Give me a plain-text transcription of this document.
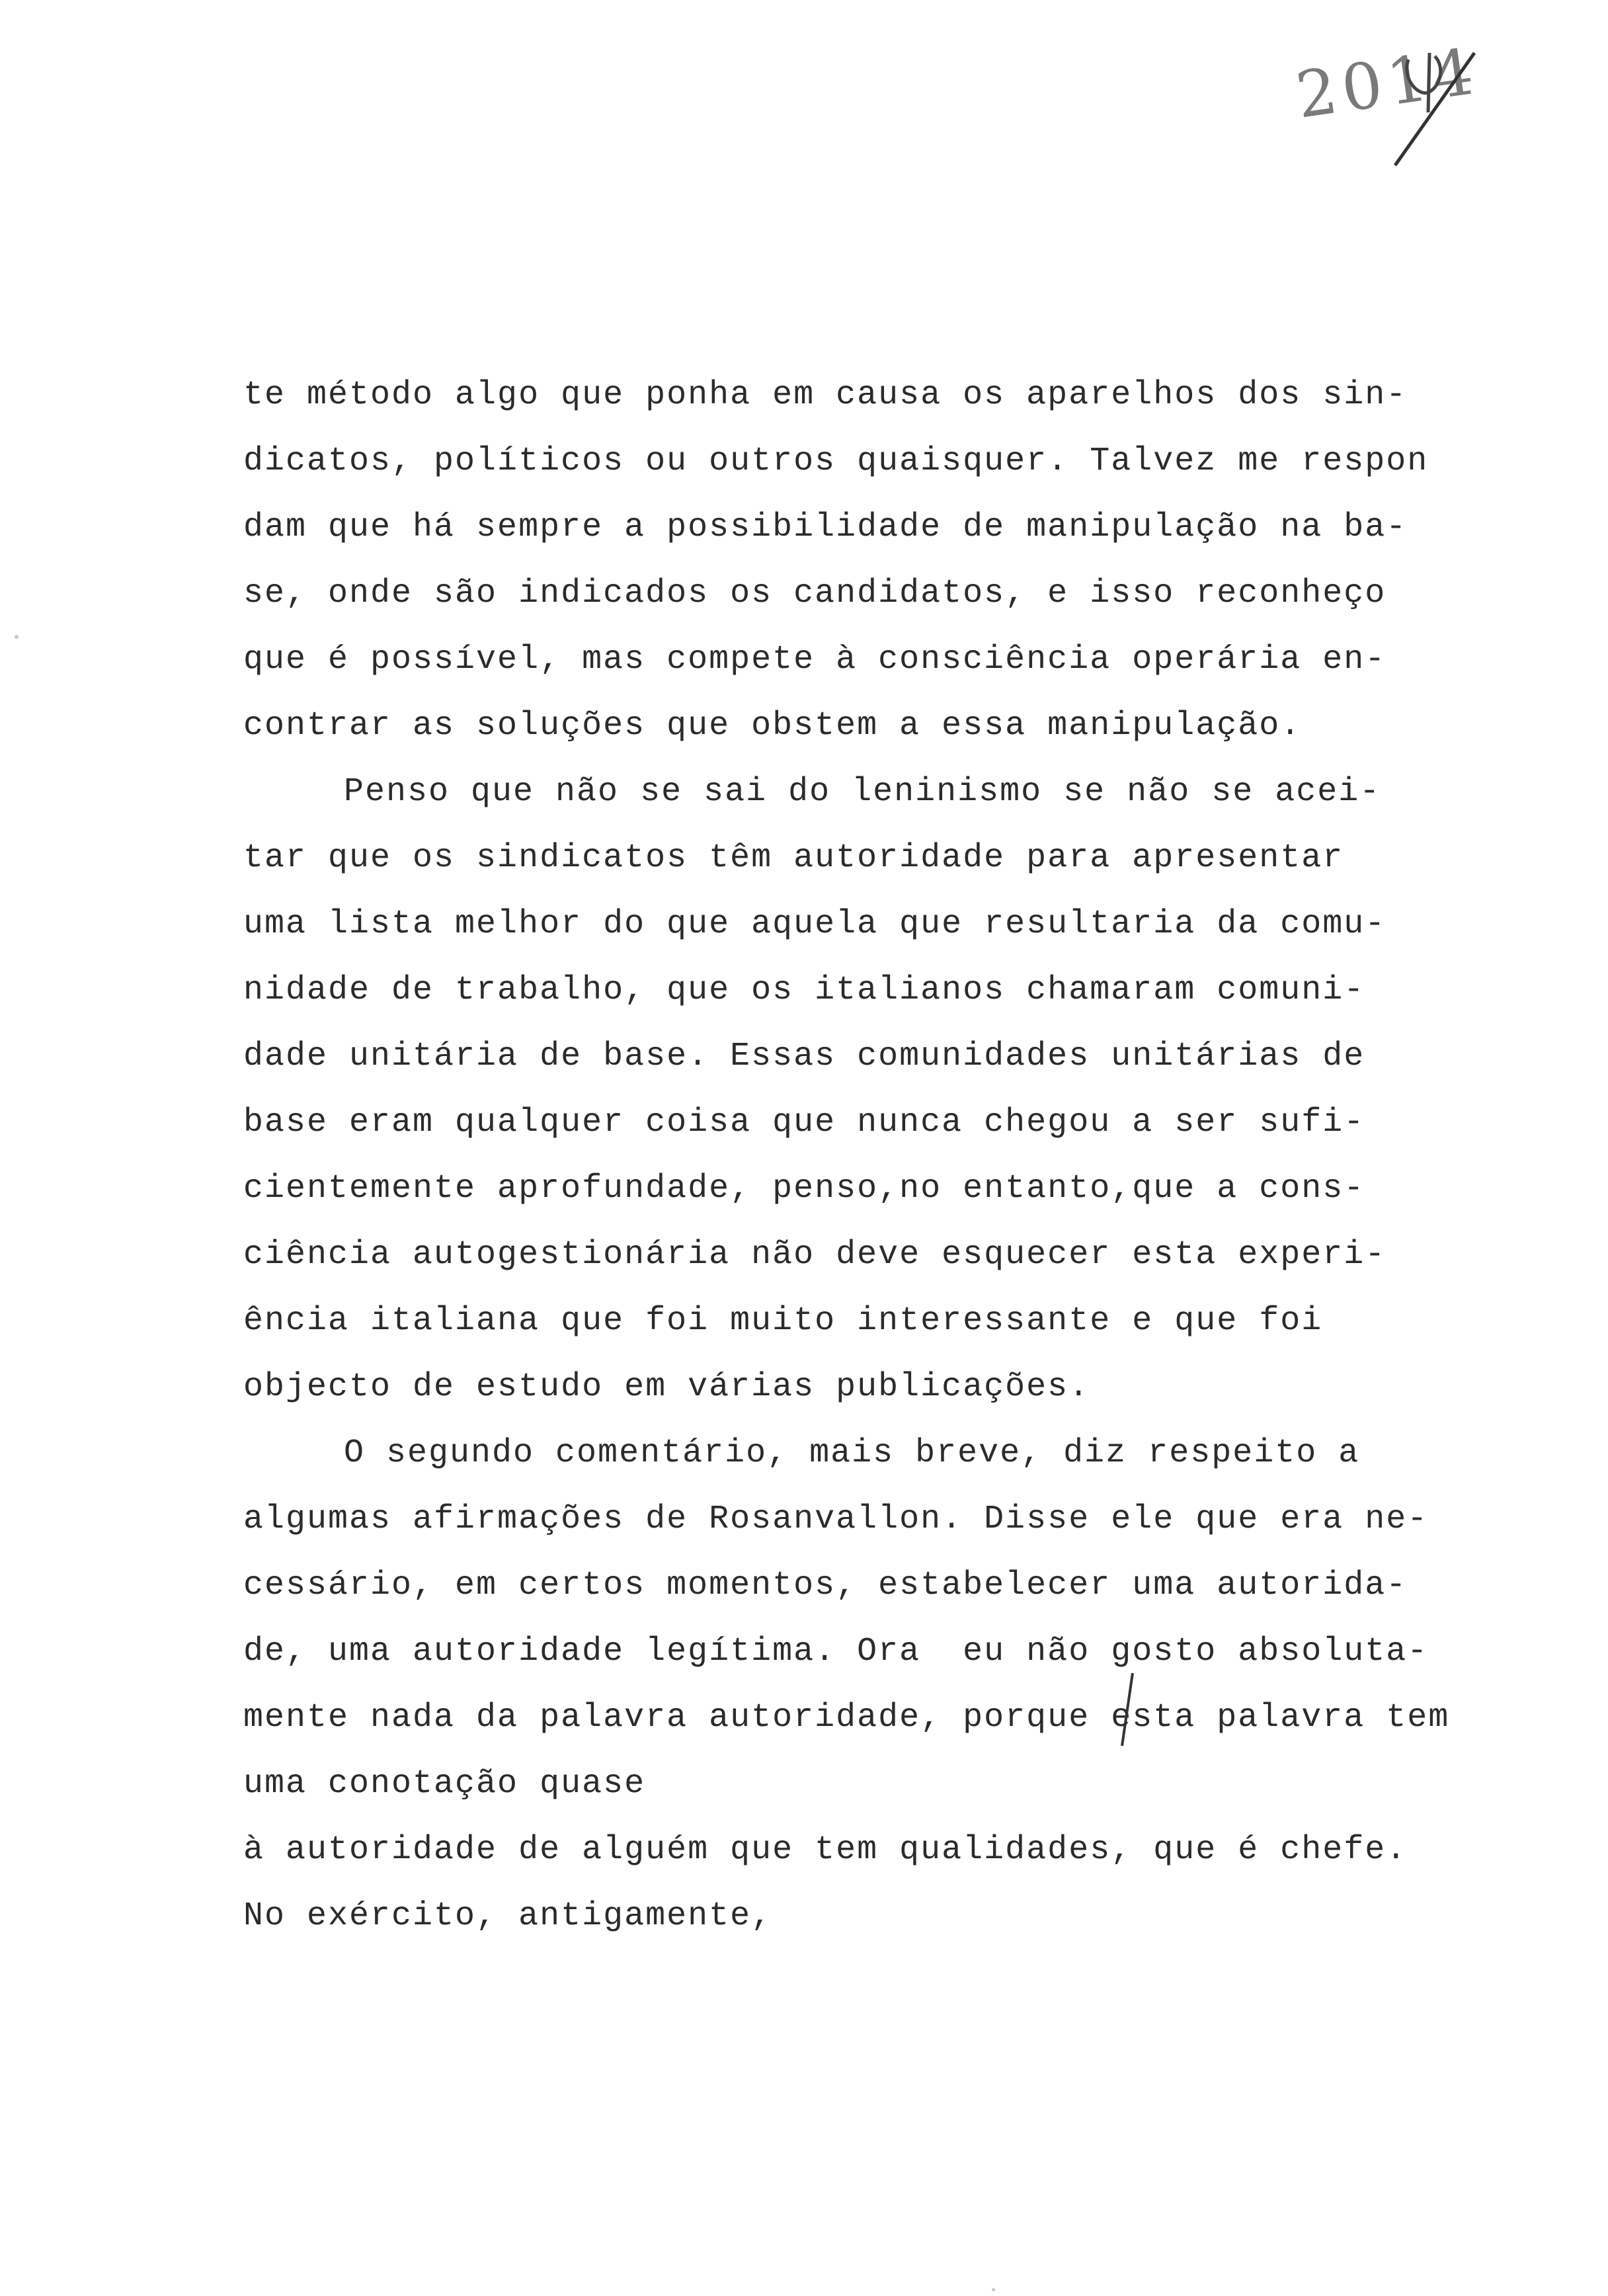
2014
te método algo que ponha em causa os aparelhos dos sin-
dicatos, políticos ou outros quaisquer. Talvez me respon
dam que há sempre a possibilidade de manipulação na ba-
se, onde são indicados os candidatos, e isso reconheço
que é possível, mas compete à consciência operária en-
contrar as soluções que obstem a essa manipulação.
Penso que não se sai do leninismo se não se acei-
tar que os sindicatos têm autoridade para apresentar
uma lista melhor do que aquela que resultaria da comu-
nidade de trabalho, que os italianos chamaram comuni-
dade unitária de base. Essas comunidades unitárias de
base eram qualquer coisa que nunca chegou a ser sufi-
cientemente aprofundade, penso,no entanto,que a cons-
ciência autogestionária não deve esquecer esta experi-
ência italiana que foi muito interessante e que foi
objecto de estudo em várias publicações.
O segundo comentário, mais breve, diz respeito a
algumas afirmações de Rosanvallon. Disse ele que era ne-
cessário, em certos momentos, estabelecer uma autorida-
de, uma autoridade legítima. Ora  eu não gosto absoluta-
mente nada da palavra autoridade, porque esta palavra tem
uma conotação quase
à autoridade de alguém que tem qualidades, que é chefe.
No exército, antigamente,
